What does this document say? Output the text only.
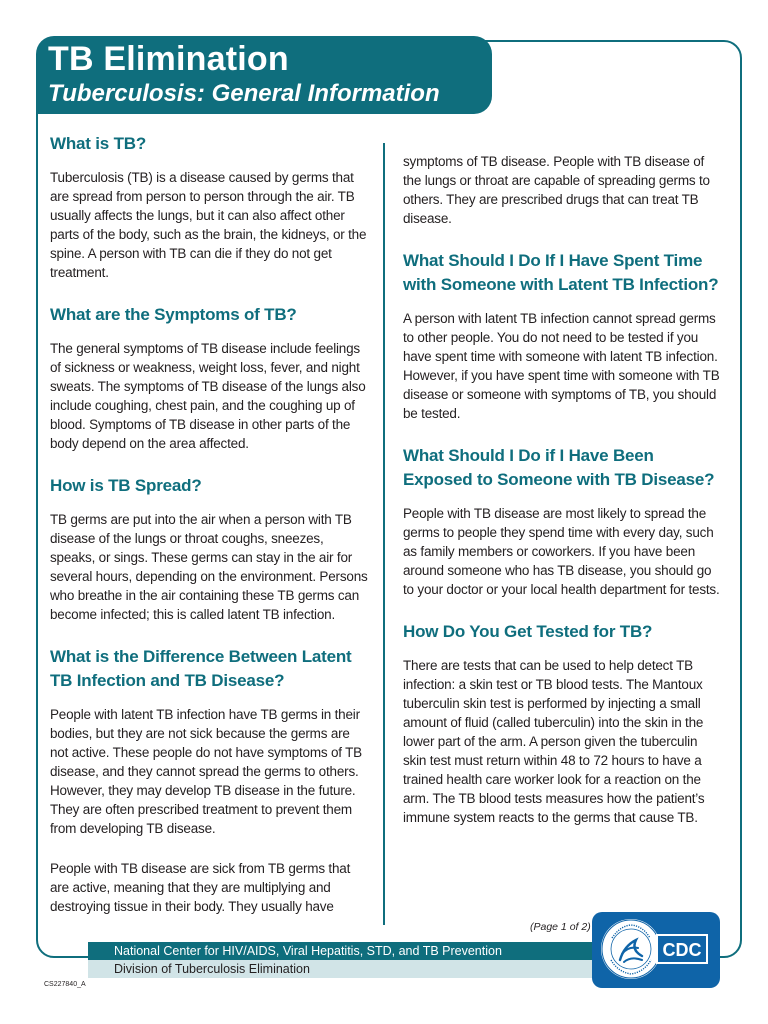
TB Elimination
Tuberculosis: General Information
What is TB?

Tuberculosis (TB) is a disease caused by germs that are spread from person to person through the air. TB usually affects the lungs, but it can also affect other parts of the body, such as the brain, the kidneys, or the spine. A person with TB can die if they do not get treatment.

What are the Symptoms of TB?

The general symptoms of TB disease include feelings of sickness or weakness, weight loss, fever, and night sweats. The symptoms of TB disease of the lungs also include coughing, chest pain, and the coughing up of blood. Symptoms of TB disease in other parts of the body depend on the area affected.

How is TB Spread?

TB germs are put into the air when a person with TB disease of the lungs or throat coughs, sneezes, speaks, or sings. These germs can stay in the air for several hours, depending on the environment. Persons who breathe in the air containing these TB germs can become infected; this is called latent TB infection.

What is the Difference Between Latent TB Infection and TB Disease?

People with latent TB infection have TB germs in their bodies, but they are not sick because the germs are not active. These people do not have symptoms of TB disease, and they cannot spread the germs to others. However, they may develop TB disease in the future. They are often prescribed treatment to prevent them from developing TB disease.

People with TB disease are sick from TB germs that are active, meaning that they are multiplying and destroying tissue in their body. They usually have

symptoms of TB disease. People with TB disease of the lungs or throat are capable of spreading germs to others. They are prescribed drugs that can treat TB disease.

What Should I Do If I Have Spent Time with Someone with Latent TB Infection?

A person with latent TB infection cannot spread germs to other people. You do not need to be tested if you have spent time with someone with latent TB infection. However, if you have spent time with someone with TB disease or someone with symptoms of TB, you should be tested.

What Should I Do if I Have Been Exposed to Someone with TB Disease?

People with TB disease are most likely to spread the germs to people they spend time with every day, such as family members or coworkers. If you have been around someone who has TB disease, you should go to your doctor or your local health department for tests.

How Do You Get Tested for TB?

There are tests that can be used to help detect TB infection: a skin test or TB blood tests. The Mantoux tuberculin skin test is performed by injecting a small amount of fluid (called tuberculin) into the skin in the lower part of the arm. A person given the tuberculin skin test must return within 48 to 72 hours to have a trained health care worker look for a reaction on the arm. The TB blood tests measures how the patient’s immune system reacts to the germs that cause TB.

(Page 1 of 2)
National Center for HIV/AIDS, Viral Hepatitis, STD, and TB Prevention
Division of Tuberculosis Elimination
CS227840_A
CDC
